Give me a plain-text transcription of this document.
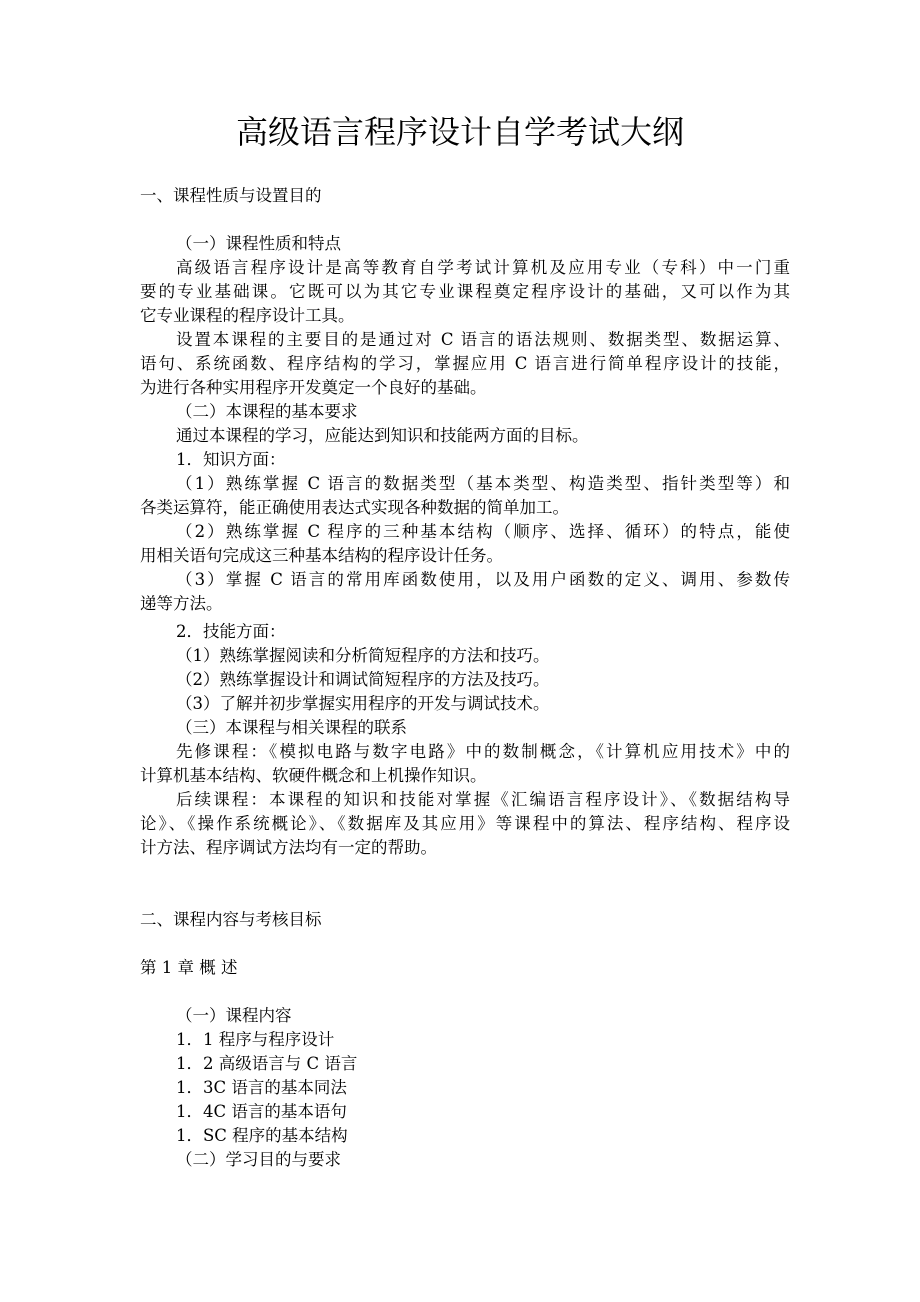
高级语言程序设计自学考试大纲
一、课程性质与设置目的
（一）课程性质和特点
高级语言程序设计是高等教育自学考试计算机及应用专业（专科）中一门重
要的专业基础课。它既可以为其它专业课程奠定程序设计的基础，又可以作为其
它专业课程的程序设计工具。
设置本课程的主要目的是通过对 C 语言的语法规则、数据类型、数据运算、
语句、系统函数、程序结构的学习，掌握应用 C 语言进行简单程序设计的技能，
为进行各种实用程序开发奠定一个良好的基础。
（二）本课程的基本要求
通过本课程的学习，应能达到知识和技能两方面的目标。
1．知识方面：
（1）熟练掌握 C 语言的数据类型（基本类型、构造类型、指针类型等）和
各类运算符，能正确使用表达式实现各种数据的简单加工。
（2）熟练掌握 C 程序的三种基本结构（顺序、选择、循环）的特点，能使
用相关语句完成这三种基本结构的程序设计任务。
（3）掌握 C 语言的常用库函数使用，以及用户函数的定义、调用、参数传
递等方法。
2．技能方面：
（1）熟练掌握阅读和分析简短程序的方法和技巧。
（2）熟练掌握设计和调试简短程序的方法及技巧。
（3）了解并初步掌握实用程序的开发与调试技术。
（三）本课程与相关课程的联系
先修课程：《模拟电路与数字电路》中的数制概念，《计算机应用技术》中的
计算机基本结构、软硬件概念和上机操作知识。
后续课程：本课程的知识和技能对掌握《汇编语言程序设计》、《数据结构导
论》、《操作系统概论》、《数据库及其应用》等课程中的算法、程序结构、程序设
计方法、程序调试方法均有一定的帮助。
二、课程内容与考核目标
第 1 章 概 述
（一）课程内容
1．1 程序与程序设计
1．2 高级语言与 C 语言
1．3C 语言的基本同法
1．4C 语言的基本语句
1．SC 程序的基本结构
（二）学习目的与要求
